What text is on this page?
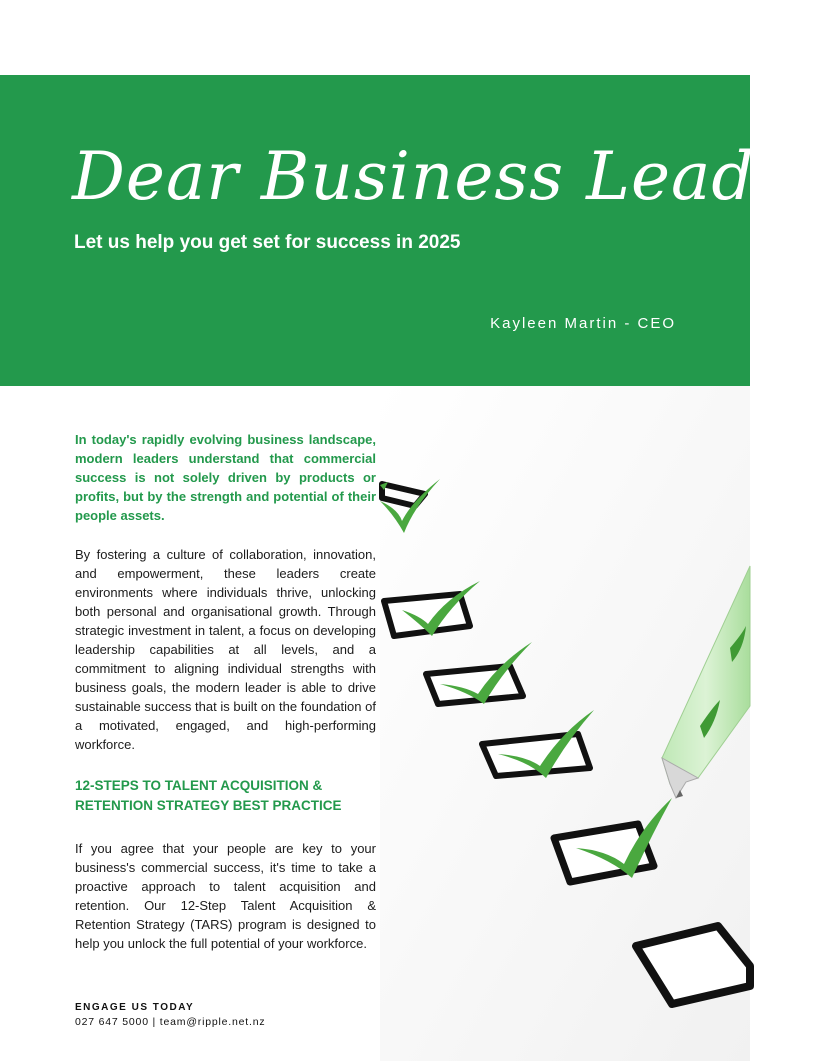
Dear Business Leader
Let us help you get set for success in 2025
Kayleen Martin - CEO

In today's rapidly evolving business landscape, modern leaders understand that commercial success is not solely driven by products or profits, but by the strength and potential of their people assets.

By fostering a culture of collaboration, innovation, and empowerment, these leaders create environments where individuals thrive, unlocking both personal and organisational growth. Through strategic investment in talent, a focus on developing leadership capabilities at all levels, and a commitment to aligning individual strengths with business goals, the modern leader is able to drive sustainable success that is built on the foundation of a motivated, engaged, and high-performing workforce.

12-STEPS TO TALENT ACQUISITION & RETENTION STRATEGY BEST PRACTICE

If you agree that your people are key to your business's commercial success, it's time to take a proactive approach to talent acquisition and retention. Our 12-Step Talent Acquisition & Retention Strategy (TARS) program is designed to help you unlock the full potential of your workforce.

ENGAGE US TODAY
027 647 5000 | team@ripple.net.nz
